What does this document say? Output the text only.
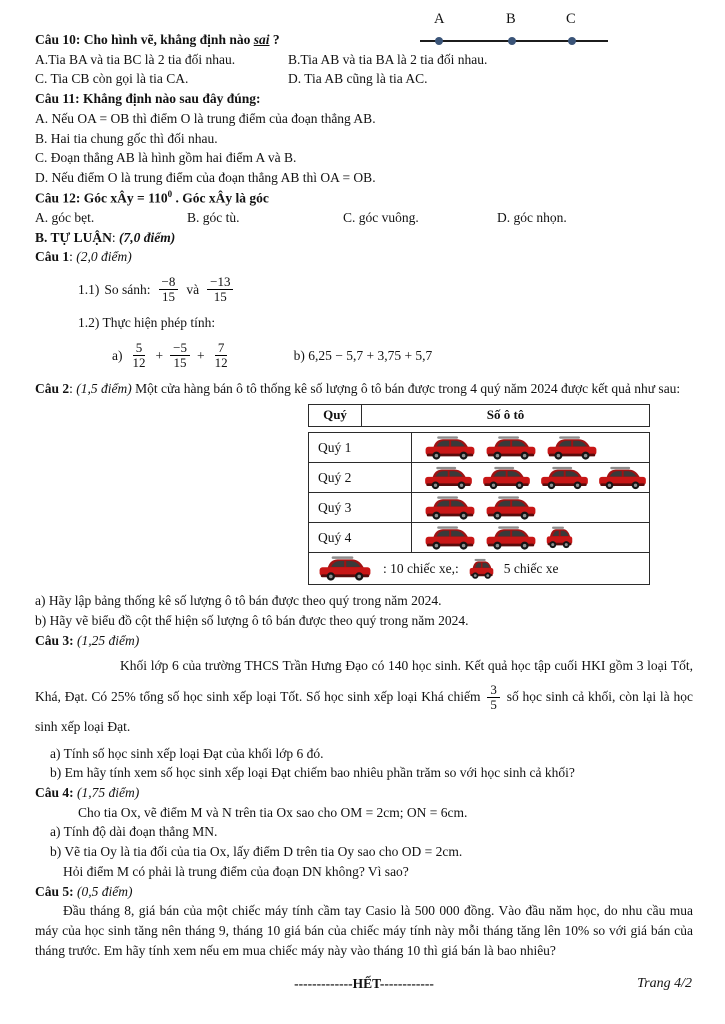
A	B	C
Câu 10: Cho hình vẽ, khẳng định nào sai ?
A.Tia BA và tia BC là 2 tia đối nhau.	B.Tia AB và tia BA là 2 tia đối nhau.
C. Tia CB còn gọi là tia CA.	D. Tia AB cũng là tia AC.
Câu 11: Khẳng định nào sau đây đúng:
A. Nếu OA = OB thì điểm O là trung điểm của đoạn thẳng AB.
B. Hai tia chung gốc thì đối nhau.
C. Đoạn thẳng AB là hình gồm hai điểm A và B.
D. Nếu điểm O là trung điểm của đoạn thẳng AB thì OA = OB.
Câu 12: Góc xÂy = $110^0$ . Góc xÂy là góc
A. góc bẹt.	B. góc tù.	C. góc vuông.	D. góc nhọn.
B. TỰ LUẬN: (7,0 điểm)
Câu 1: (2,0 điểm)
1.1) So sánh: $\frac{-8}{15}$ và $\frac{-13}{15}$
1.2) Thực hiện phép tính:
$a) \frac{5}{12} + \frac{-5}{15} + \frac{7}{12}$	b) 6,25 − 5,7 + 3,75 + 5,7
Câu 2: (1,5 điểm) Một cửa hàng bán ô tô thống kê số lượng ô tô bán được trong 4 quý năm 2024 được kết quả như sau:
Quý	Số ô tô
Quý 1	

Quý 2	

Quý 3	

Quý 4	

: 10 chiếc xe,: 5 chiếc xe	
a) Hãy lập bảng thống kê số lượng ô tô bán được theo quý trong năm 2024.
b) Hãy vẽ biểu đồ cột thể hiện số lượng ô tô bán được theo quý trong năm 2024.
Câu 3: (1,25 điểm)
Khối lớp 6 của trường THCS Trần Hưng Đạo có 140 học sinh. Kết quả học tập cuối HKI gồm 3 loại Tốt, Khá, Đạt. Có 25% tổng số học sinh xếp loại Tốt. Số học sinh xếp loại Khá chiếm $\frac{3}{5}$ số học sinh cả khối, còn lại là học sinh xếp loại Đạt.
a) Tính số học sinh xếp loại Đạt của khối lớp 6 đó.
b) Em hãy tính xem số học sinh xếp loại Đạt chiếm bao nhiêu phần trăm so với học sinh cả khối?
Câu 4: (1,75 điểm)
Cho tia Ox, vẽ điểm M và N trên tia Ox sao cho OM = 2cm; ON = 6cm.
a) Tính độ dài đoạn thẳng MN.
b) Vẽ tia Oy là tia đối của tia Ox, lấy điểm D trên tia Oy sao cho OD = 2cm.
Hỏi điểm M có phải là trung điểm của đoạn DN không? Vì sao?
Câu 5: (0,5 điểm)
Đầu tháng 8, giá bán của một chiếc máy tính cầm tay Casio là 500 000 đồng. Vào đầu năm học, do nhu cầu mua máy của học sinh tăng nên tháng 9, tháng 10 giá bán của chiếc máy tính này mỗi tháng tăng lên 10% so với giá bán của tháng trước. Em hãy tính xem nếu em mua chiếc máy này vào tháng 10 thì giá bán là bao nhiêu?
-------------HẾT------------	Trang 4/2
